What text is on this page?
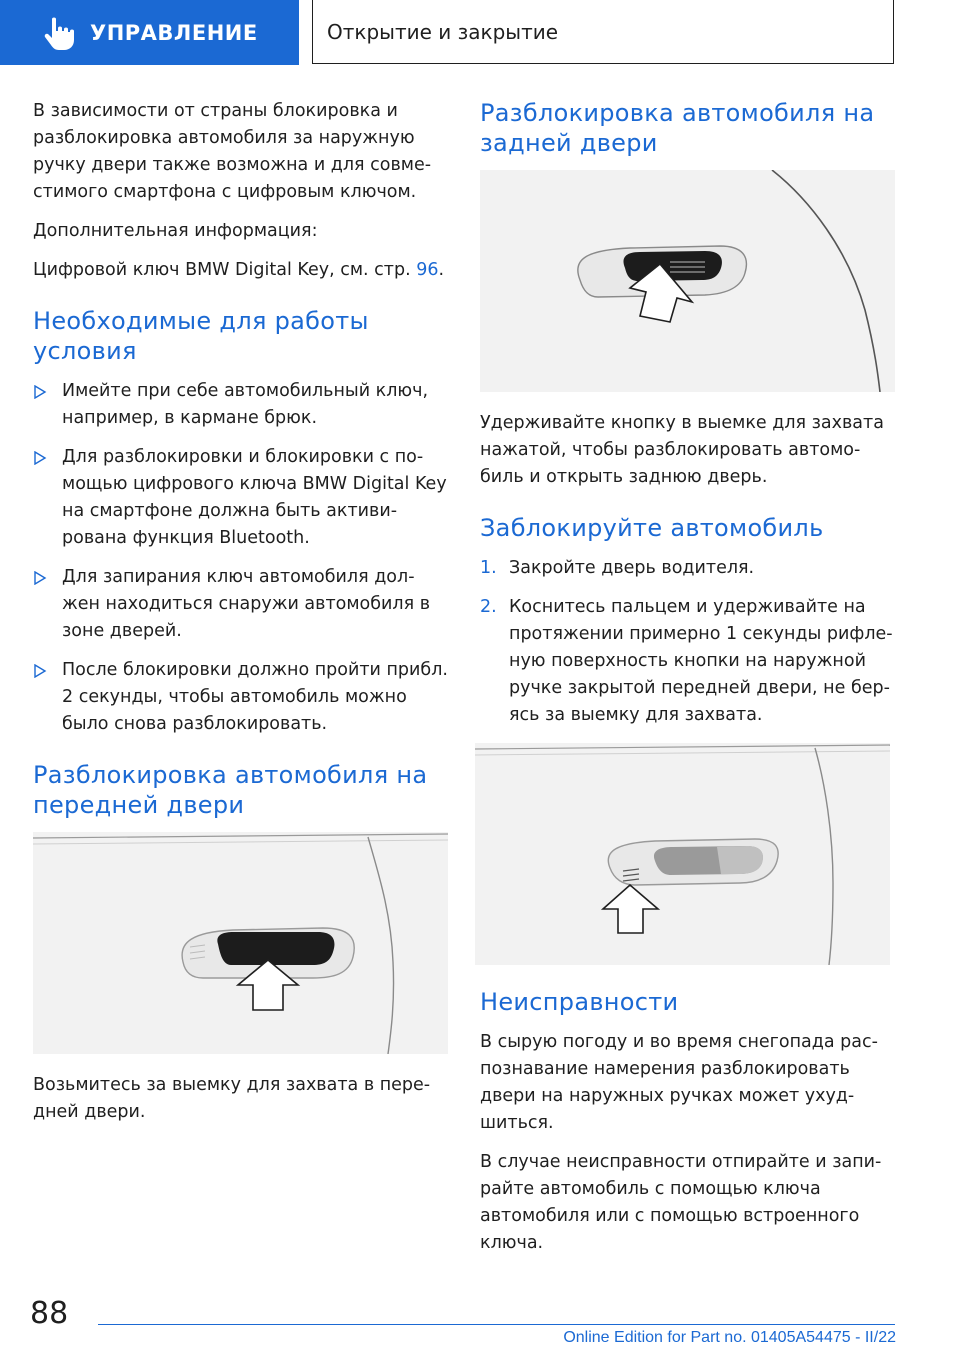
УПРАВЛЕНИЕ	Открытие и закрытие

В зависимости от страны блокировка и разблокировка автомобиля за наружную ручку двери также возможна и для совме-стимого смартфона с цифровым ключом.

Дополнительная информация:

Цифровой ключ BMW Digital Key, см. стр. 96.

Необходимые для работы условия
Имейте при себе автомобильный ключ, например, в кармане брюк.
Для разблокировки и блокировки с по-мощью цифрового ключа BMW Digital Key на смартфоне должна быть активи-рована функция Bluetooth.
Для запирания ключ автомобиля дол-жен находиться снаружи автомобиля в зоне дверей.
После блокировки должно пройти прибл. 2 секунды, чтобы автомобиль можно было снова разблокировать.
Разблокировка автомобиля на передней двери

Возьмитесь за выемку для захвата в пере-дней двери.

Разблокировка автомобиля на задней двери

Удерживайте кнопку в выемке для захвата нажатой, чтобы разблокировать автомо-биль и открыть заднюю дверь.

Заблокируйте автомобиль
1. Закройте дверь водителя.
2. Коснитесь пальцем и удерживайте на протяжении примерно 1 секунды рифле-ную поверхность кнопки на наружной ручке закрытой передней двери, не бер-ясь за выемку для захвата.
Неисправности

В сырую погоду и во время снегопада рас-познавание намерения разблокировать двери на наружных ручках может ухуд-шиться.

В случае неисправности отпирайте и запи-райте автомобиль с помощью ключа автомобиля или с помощью встроенного ключа.

88
Online Edition for Part no. 01405A54475 - II/22
